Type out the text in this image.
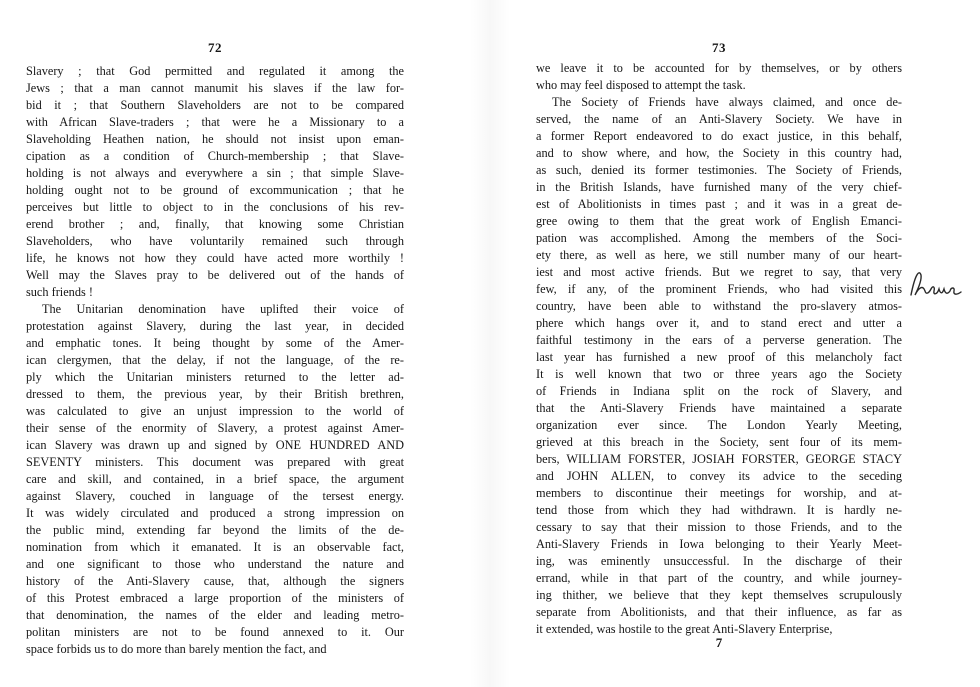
72

Slavery ; that God permitted and regulated it among the

Jews ; that a man cannot manumit his slaves if the law for-

bid it ; that Southern Slaveholders are not to be compared

with African Slave-traders ; that were he a Missionary to a

Slaveholding Heathen nation, he should not insist upon eman-

cipation as a condition of Church-membership ; that Slave-

holding is not always and everywhere a sin ; that simple Slave-

holding ought not to be ground of excommunication ; that he

perceives but little to object to in the conclusions of his rev-

erend brother ; and, finally, that knowing some Christian

Slaveholders, who have voluntarily remained such through

life, he knows not how they could have acted more worthily !

Well may the Slaves pray to be delivered out of the hands of

such friends !

The Unitarian denomination have uplifted their voice of

protestation against Slavery, during the last year, in decided

and emphatic tones. It being thought by some of the Amer-

ican clergymen, that the delay, if not the language, of the re-

ply which the Unitarian ministers returned to the letter ad-

dressed to them, the previous year, by their British brethren,

was calculated to give an unjust impression to the world of

their sense of the enormity of Slavery, a protest against Amer-

ican Slavery was drawn up and signed by ONE HUNDRED AND

SEVENTY ministers. This document was prepared with great

care and skill, and contained, in a brief space, the argument

against Slavery, couched in language of the tersest energy.

It was widely circulated and produced a strong impression on

the public mind, extending far beyond the limits of the de-

nomination from which it emanated. It is an observable fact,

and one significant to those who understand the nature and

history of the Anti-Slavery cause, that, although the signers

of this Protest embraced a large proportion of the ministers of

that denomination, the names of the elder and leading metro-

politan ministers are not to be found annexed to it. Our

space forbids us to do more than barely mention the fact, and

73

we leave it to be accounted for by themselves, or by others

who may feel disposed to attempt the task.

The Society of Friends have always claimed, and once de-

served, the name of an Anti-Slavery Society. We have in

a former Report endeavored to do exact justice, in this behalf,

and to show where, and how, the Society in this country had,

as such, denied its former testimonies. The Society of Friends,

in the British Islands, have furnished many of the very chief-

est of Abolitionists in times past ; and it was in a great de-

gree owing to them that the great work of English Emanci-

pation was accomplished. Among the members of the Soci-

ety there, as well as here, we still number many of our heart-

iest and most active friends. But we regret to say, that very

few, if any, of the prominent Friends, who had visited this

country, have been able to withstand the pro-slavery atmos-

phere which hangs over it, and to stand erect and utter a

faithful testimony in the ears of a perverse generation. The

last year has furnished a new proof of this melancholy fact

It is well known that two or three years ago the Society

of Friends in Indiana split on the rock of Slavery, and

that the Anti-Slavery Friends have maintained a separate

organization ever since. The London Yearly Meeting,

grieved at this breach in the Society, sent four of its mem-

bers, WILLIAM FORSTER, JOSIAH FORSTER, GEORGE STACY

and JOHN ALLEN, to convey its advice to the seceding

members to discontinue their meetings for worship, and at-

tend those from which they had withdrawn. It is hardly ne-

cessary to say that their mission to those Friends, and to the

Anti-Slavery Friends in Iowa belonging to their Yearly Meet-

ing, was eminently unsuccessful. In the discharge of their

errand, while in that part of the country, and while journey-

ing thither, we believe that they kept themselves scrupulously

separate from Abolitionists, and that their influence, as far as

it extended, was hostile to the great Anti-Slavery Enterprise,

7
